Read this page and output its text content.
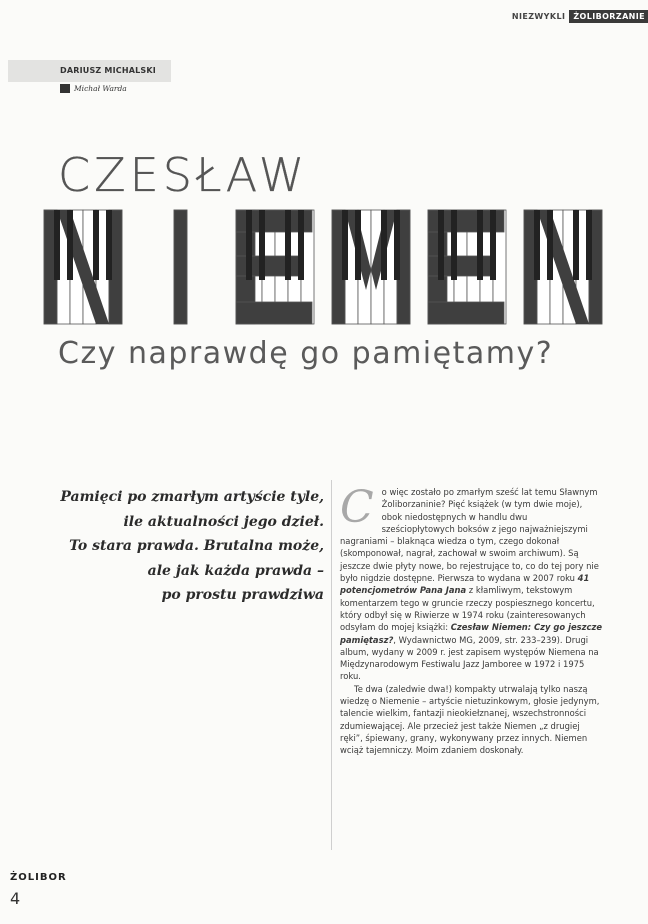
NIEZWYKLI	ŻOLIBORZANIE
DARIUSZ MICHALSKI
Michał Warda
CZESŁAW
Czy naprawdę go pamiętamy?
Pamięci po zmarłym artyście tyle,
ile aktualności jego dzieł.
To stara prawda. Brutalna może,
ale jak każda prawda –
po prostu prawdziwa

C o więc zostało po zmarłym sześć lat temu Sławnym Żoliborzaninie? Pięć książek (w tym dwie moje), obok niedostępnych w handlu dwu sześciopłytowych boksów z jego najważniejszymi nagraniami – blaknąca wiedza o tym, czego dokonał (skomponował, nagrał, zachował w swoim archiwum). Są jeszcze dwie płyty nowe, bo rejestrujące to, co do tej pory nie było nigdzie dostępne. Pierwsza to wydana w 2007 roku 41 potencjometrów Pana Jana z kłamliwym, tekstowym komentarzem tego w gruncie rzeczy pospiesznego koncertu, który odbył się w Riwierze w 1974 roku (zainteresowanych odsyłam do mojej książki: Czesław Niemen: Czy go jeszcze pamiętasz?, Wydawnictwo MG, 2009, str. 233–239). Drugi album, wydany w 2009 r. jest zapisem występów Niemena na Międzynarodowym Festiwalu Jazz Jamboree w 1972 i 1975 roku.

Te dwa (zaledwie dwa!) kompakty utrwalają tylko naszą wiedzę o Niemenie – artyście nietuzinkowym, głosie jedynym, talencie wielkim, fantazji nieokiełznanej, wszechstronności zdumiewającej. Ale przecież jest także Niemen „z drugiej ręki”, śpiewany, grany, wykonywany przez innych. Niemen wciąż tajemniczy. Moim zdaniem doskonały.

ŻOLIBOR
4
